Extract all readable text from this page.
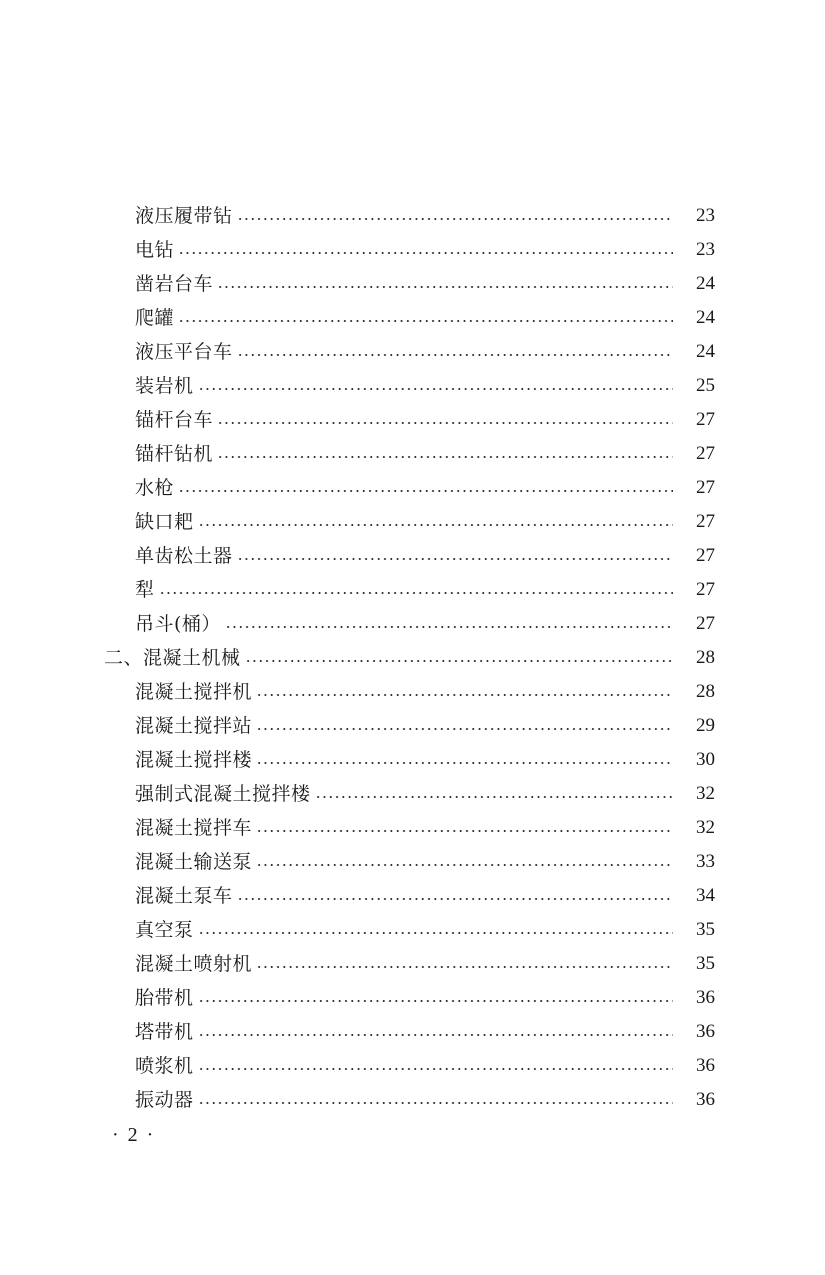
液压履带钻	23
电钻	23
凿岩台车	24
爬罐	24
液压平台车	24
装岩机	25
锚杆台车	27
锚杆钻机	27
水枪	27
缺口耙	27
单齿松土器	27
犁	27
吊斗(桶）	27
二、混凝土机械	28
混凝土搅拌机	28
混凝土搅拌站	29
混凝土搅拌楼	30
强制式混凝土搅拌楼	32
混凝土搅拌车	32
混凝土输送泵	33
混凝土泵车	34
真空泵	35
混凝土喷射机	35
胎带机	36
塔带机	36
喷浆机	36
振动器	36
· 2 ·
